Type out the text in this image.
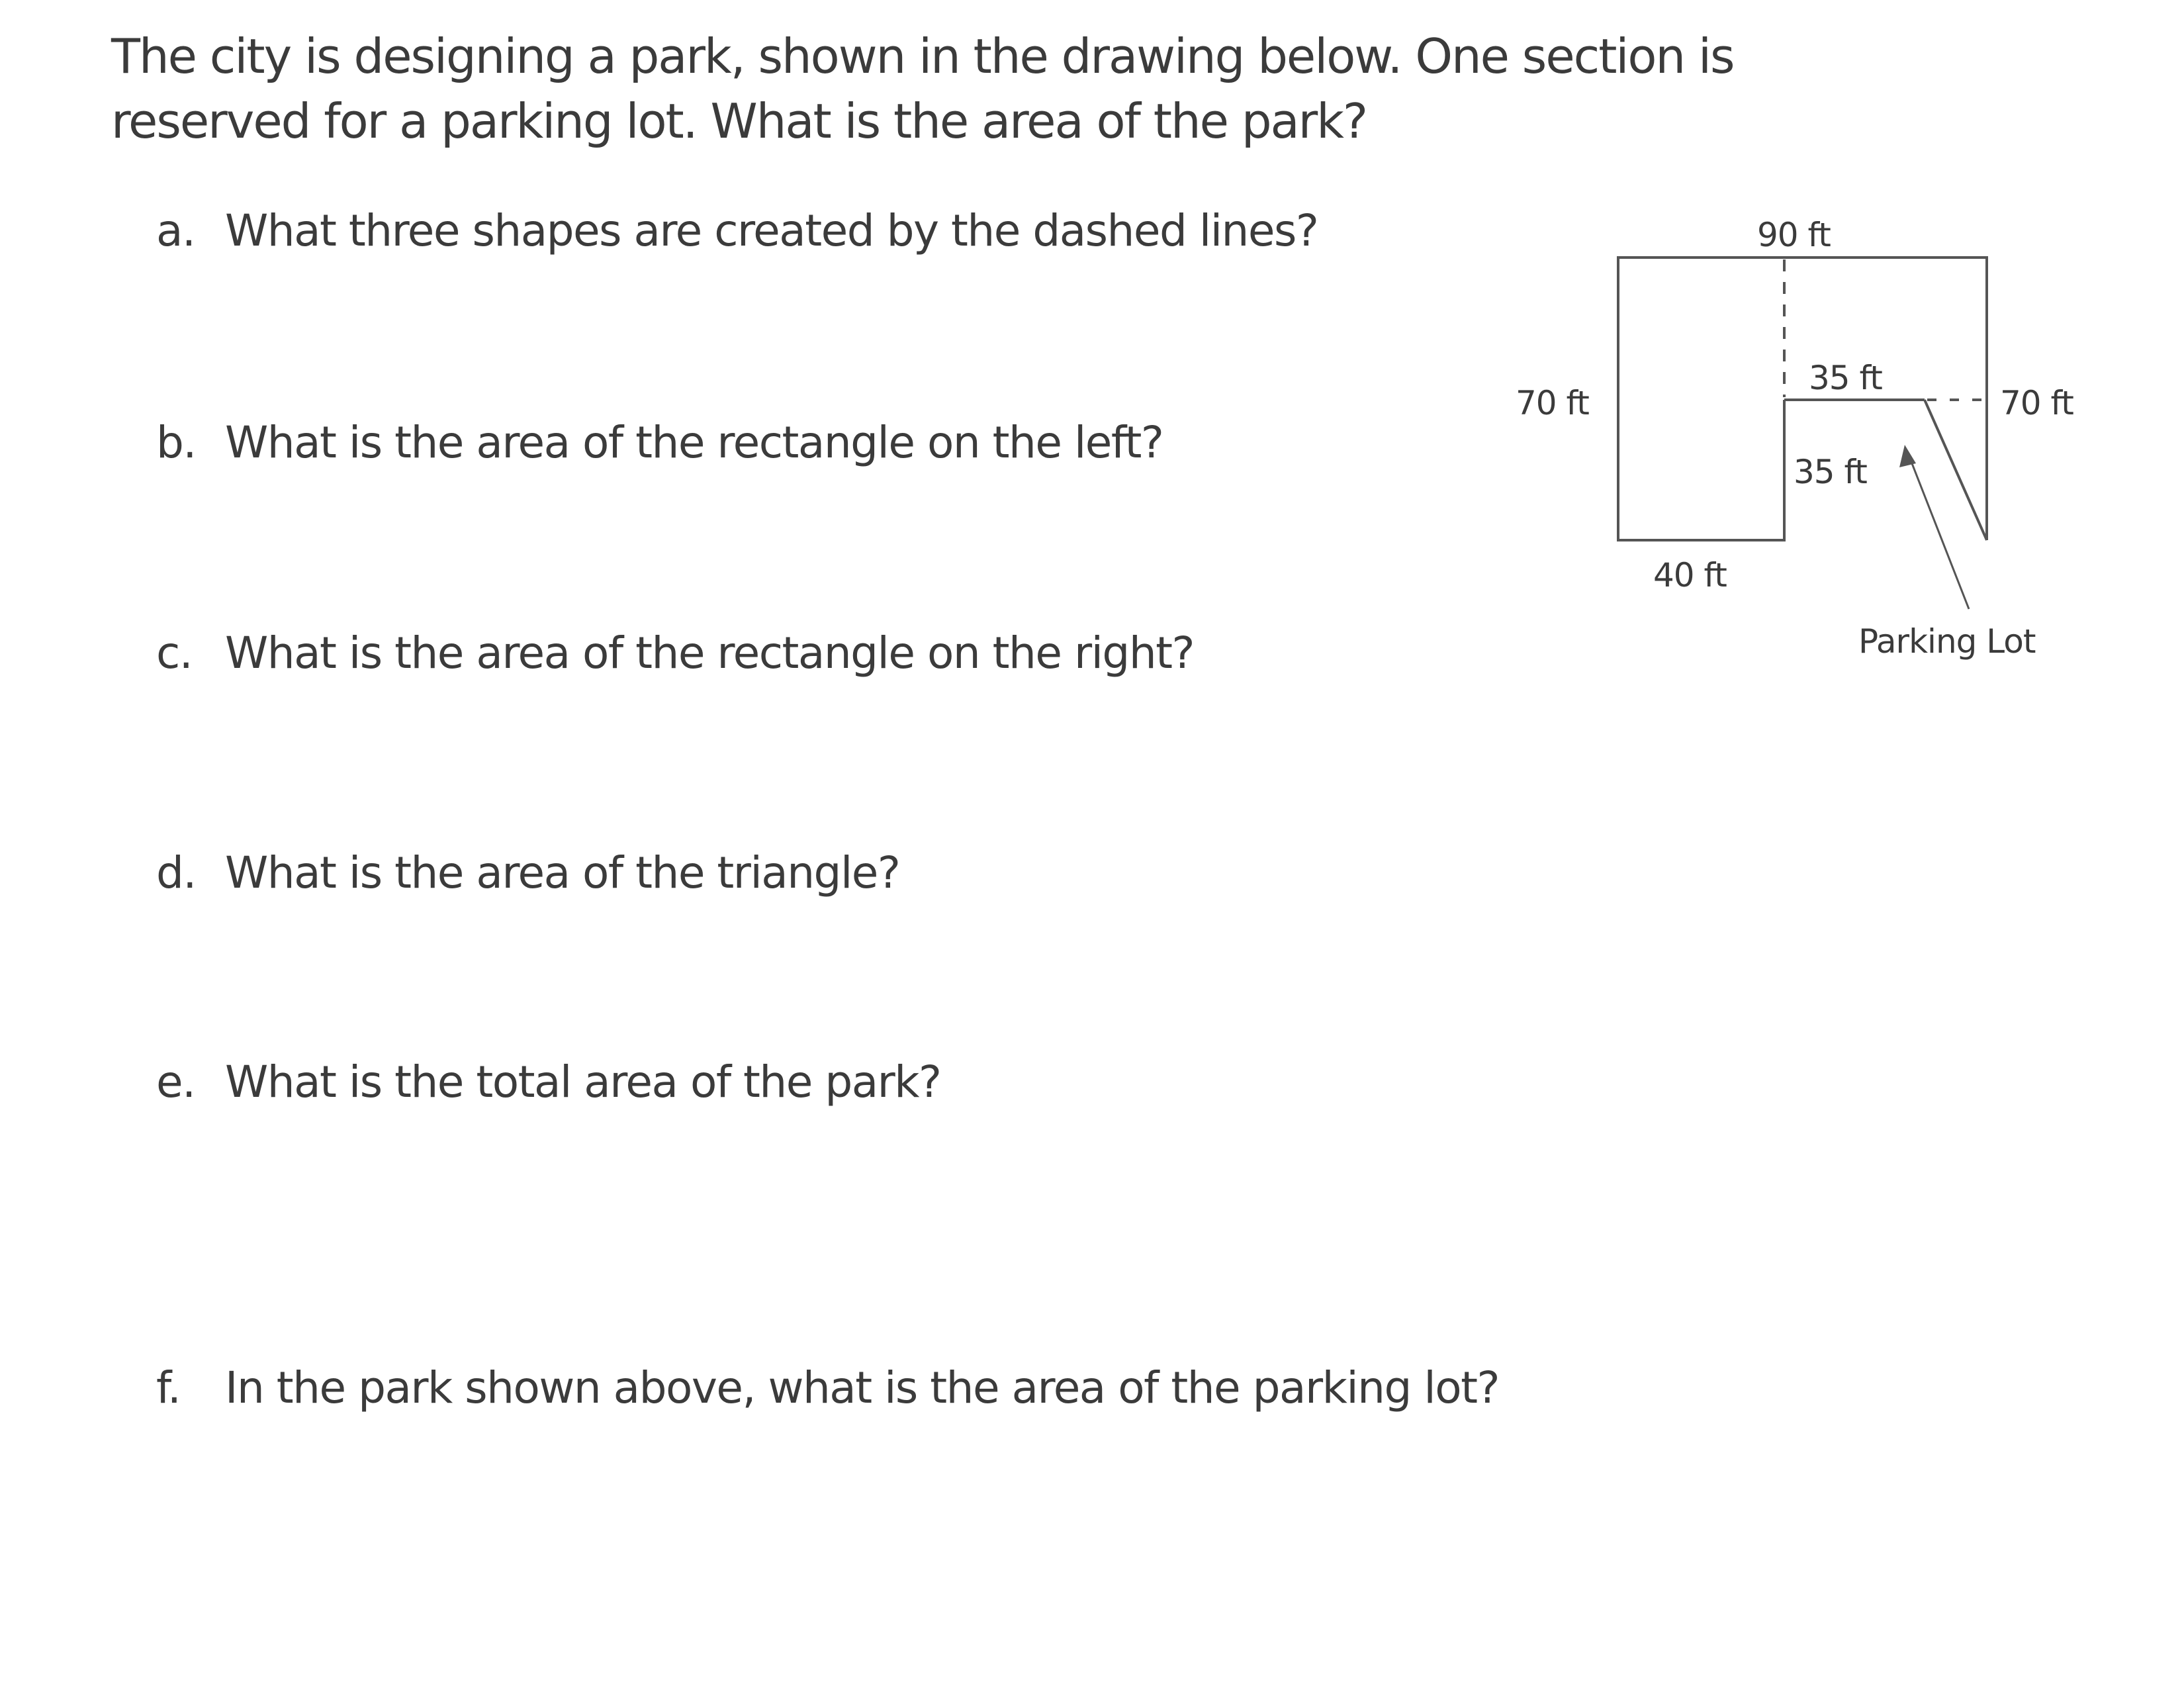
The city is designing a park, shown in the drawing below. One section is
reserved for a parking lot. What is the area of the park?
a. What three shapes are created by the dashed lines?
b. What is the area of the rectangle on the left?
c. What is the area of the rectangle on the right?
d. What is the area of the triangle?
e. What is the total area of the park?
f. In the park shown above, what is the area of the parking lot?
90 ft
70 ft	70 ft
40 ft
35 ft
35 ft
Parking Lot
